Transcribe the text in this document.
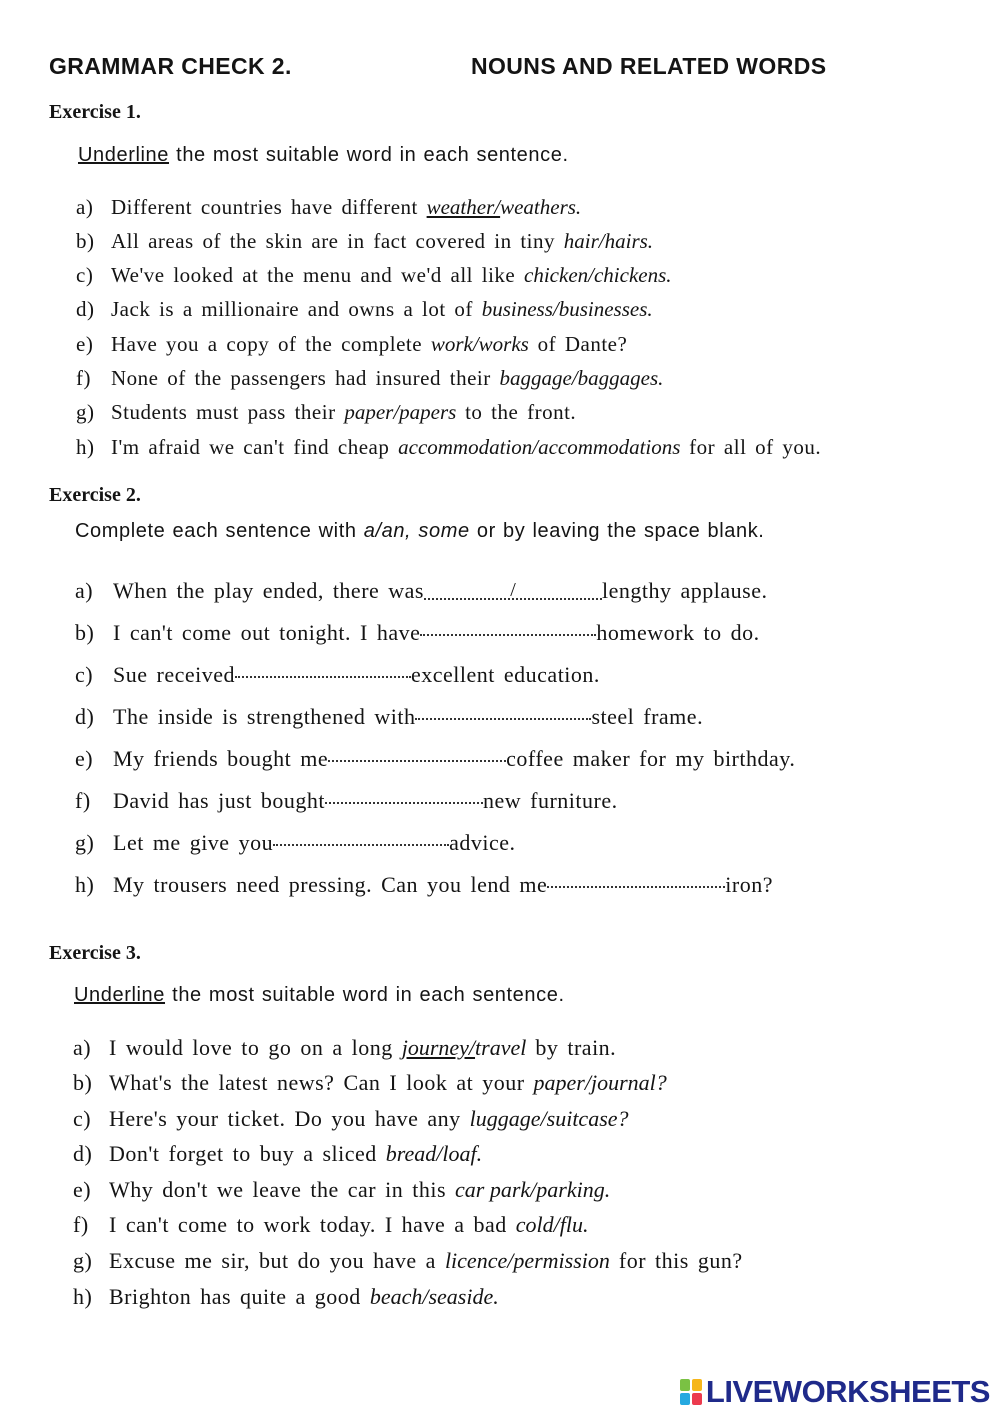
GRAMMAR CHECK 2.	NOUNS AND RELATED WORDS
Exercise 1.
Underline the most suitable word in each sentence.
a) Different countries have different weather/weathers.
b) All areas of the skin are in fact covered in tiny hair/hairs.
c) We've looked at the menu and we'd all like chicken/chickens.
d) Jack is a millionaire and owns a lot of business/businesses.
e) Have you a copy of the complete work/works of Dante?
f) None of the passengers had insured their baggage/baggages.
g) Students must pass their paper/papers to the front.
h) I'm afraid we can't find cheap accommodation/accommodations for all of you.
Exercise 2.
Complete each sentence with a/an, some or by leaving the space blank.
a) When the play ended, there was	/	lengthy applause.
b) I can't come out tonight. I have	homework to do.
c) Sue received	excellent education.
d) The inside is strengthened with	steel frame.
e) My friends bought me	coffee maker for my birthday.
f) David has just bought	new furniture.
g) Let me give you	advice.
h) My trousers need pressing. Can you lend me	iron?
Exercise 3.
Underline the most suitable word in each sentence.
a) I would love to go on a long journey/travel by train.
b) What's the latest news? Can I look at your paper/journal?
c) Here's your ticket. Do you have any luggage/suitcase?
d) Don't forget to buy a sliced bread/loaf.
e) Why don't we leave the car in this car park/parking.
f) I can't come to work today. I have a bad cold/flu.
g) Excuse me sir, but do you have a licence/permission for this gun?
h) Brighton has quite a good beach/seaside.
LIVEWORKSHEETS
